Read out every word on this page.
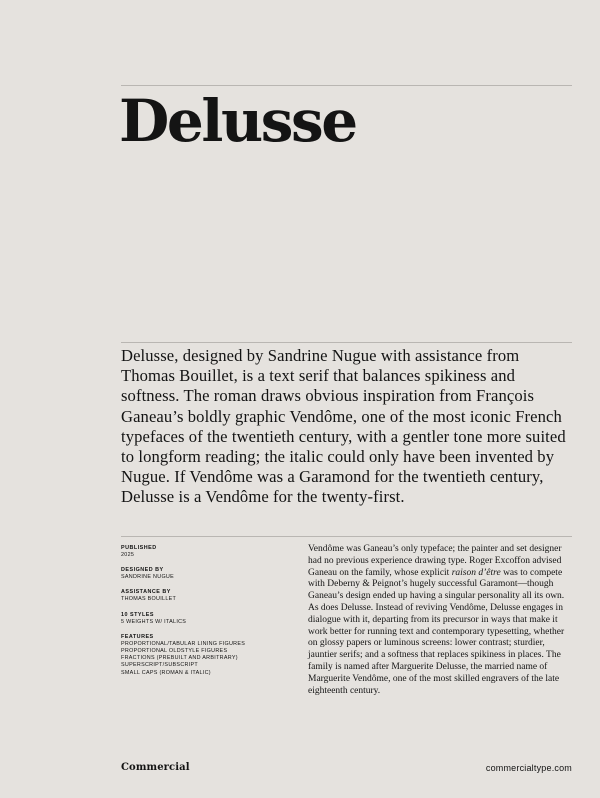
Delusse

Delusse, designed by Sandrine Nugue with assistance from Thomas Bouillet, is a text serif that balances spikiness and softness. The roman draws obvious inspiration from François Ganeau’s boldly graphic Vendôme, one of the most iconic French typefaces of the twentieth century, with a gentler tone more suited to longform reading; the italic could only have been invented by Nugue. If Vendôme was a Garamond for the twentieth century, Delusse is a Vendôme for the twenty-first.

PUBLISHED
2025
DESIGNED BY
SANDRINE NUGUE
ASSISTANCE BY
THOMAS BOUILLET
10 STYLES
5 WEIGHTS W/ ITALICS
FEATURES
PROPORTIONAL/TABULAR LINING FIGURES
PROPORTIONAL OLDSTYLE FIGURES
FRACTIONS (PREBUILT AND ARBITRARY)
SUPERSCRIPT/SUBSCRIPT
SMALL CAPS (ROMAN & ITALIC)

Vendôme was Ganeau’s only typeface; the painter and set designer had no previous experience drawing type. Roger Excoffon advised Ganeau on the family, whose explicit raison d’être was to compete with Deberny & Peignot’s hugely successful Garamont—though Ganeau’s design ended up having a singular personality all its own. As does Delusse. Instead of reviving Vendôme, Delusse engages in dialogue with it, departing from its precursor in ways that make it work better for running text and contemporary typesetting, whether on glossy papers or luminous screens: lower contrast; sturdier, jauntier serifs; and a softness that replaces spikiness in places. The family is named after Marguerite Delusse, the married name of Marguerite Vendôme, one of the most skilled engravers of the late eighteenth century.

Commercial	commercialtype.com
